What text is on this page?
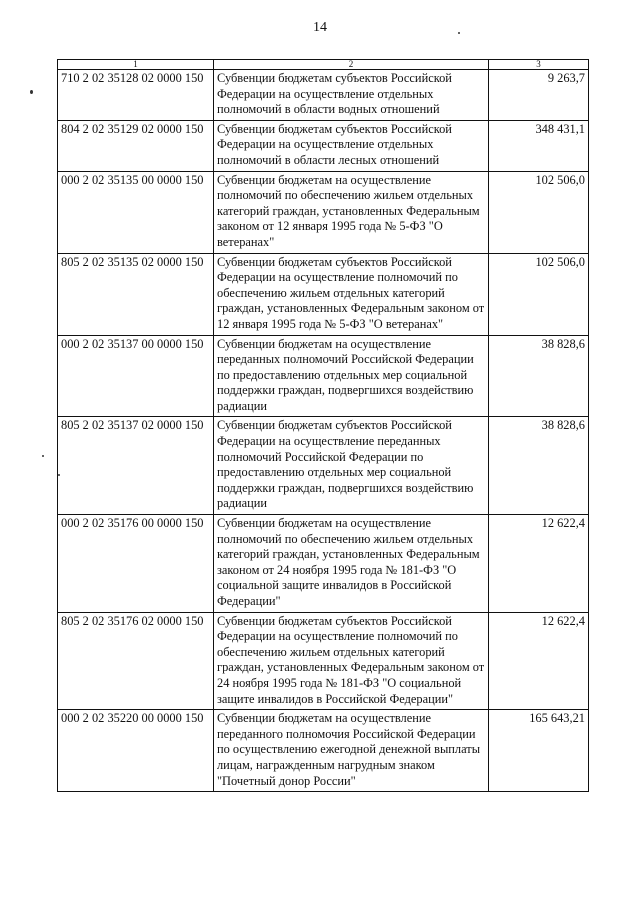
14
1	2	3
710 2 02 35128 02 0000 150	Субвенции бюджетам субъектов Российской Федерации на осуществление отдельных полномочий в области водных отношений	9 263,7
804 2 02 35129 02 0000 150	Субвенции бюджетам субъектов Российской Федерации на осуществление отдельных полномочий в области лесных отношений	348 431,1
000 2 02 35135 00 0000 150	Субвенции бюджетам на осуществление полномочий по обеспечению жильем отдельных категорий граждан, установленных Федеральным законом от 12 января 1995 года № 5-ФЗ "О ветеранах"	102 506,0
805 2 02 35135 02 0000 150	Субвенции бюджетам субъектов Российской Федерации на осуществление полномочий по обеспечению жильем отдельных категорий граждан, установленных Федеральным законом от 12 января 1995 года № 5-ФЗ "О ветеранах"	102 506,0
000 2 02 35137 00 0000 150	Субвенции бюджетам на осуществление переданных полномочий Российской Федерации по предоставлению отдельных мер социальной поддержки граждан, подвергшихся воздействию радиации	38 828,6
805 2 02 35137 02 0000 150	Субвенции бюджетам субъектов Российской Федерации на осуществление переданных полномочий Российской Федерации по предоставлению отдельных мер социальной поддержки граждан, подвергшихся воздействию радиации	38 828,6
000 2 02 35176 00 0000 150	Субвенции бюджетам на осуществление полномочий по обеспечению жильем отдельных категорий граждан, установленных Федеральным законом от 24 ноября 1995 года № 181-ФЗ "О социальной защите инвалидов в Российской Федерации"	12 622,4
805 2 02 35176 02 0000 150	Субвенции бюджетам субъектов Российской Федерации на осуществление полномочий по обеспечению жильем отдельных категорий граждан, установленных Федеральным законом от 24 ноября 1995 года № 181-ФЗ "О социальной защите инвалидов в Российской Федерации"	12 622,4
000 2 02 35220 00 0000 150	Субвенции бюджетам на осуществление переданного полномочия Российской Федерации по осуществлению ежегодной денежной выплаты лицам, награжденным нагрудным знаком "Почетный донор России"	165 643,21
